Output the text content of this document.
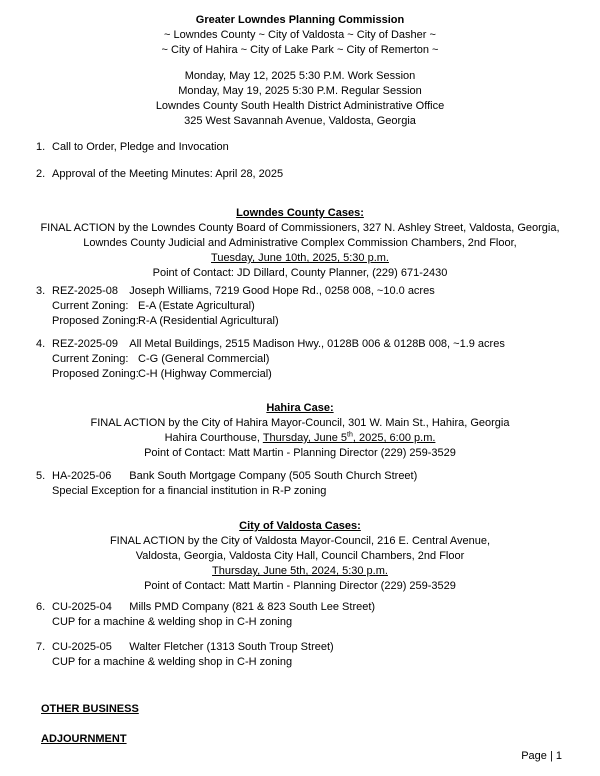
Greater Lowndes Planning Commission
~ Lowndes County ~ City of Valdosta ~ City of Dasher ~
~ City of Hahira ~ City of Lake Park ~ City of Remerton ~
Monday, May 12, 2025 5:30 P.M. Work Session
Monday, May 19, 2025 5:30 P.M. Regular Session
Lowndes County South Health District Administrative Office
325 West Savannah Avenue, Valdosta, Georgia
1. Call to Order, Pledge and Invocation
2. Approval of the Meeting Minutes: April 28, 2025
Lowndes County Cases:
FINAL ACTION by the Lowndes County Board of Commissioners, 327 N. Ashley Street, Valdosta, Georgia,
Lowndes County Judicial and Administrative Complex Commission Chambers, 2nd Floor,
Tuesday, June 10th, 2025, 5:30 p.m.
Point of Contact: JD Dillard, County Planner, (229) 671-2430
3. REZ-2025-08 Joseph Williams, 7219 Good Hope Rd., 0258 008, ~10.0 acres
Current Zoning: E-A (Estate Agricultural)
Proposed Zoning:R-A (Residential Agricultural)
4. REZ-2025-09 All Metal Buildings, 2515 Madison Hwy., 0128B 006 & 0128B 008, ~1.9 acres
Current Zoning: C-G (General Commercial)
Proposed Zoning:C-H (Highway Commercial)
Hahira Case:
FINAL ACTION by the City of Hahira Mayor-Council, 301 W. Main St., Hahira, Georgia
Hahira Courthouse, Thursday, June 5th, 2025, 6:00 p.m.
Point of Contact: Matt Martin - Planning Director (229) 259-3529
5. HA-2025-06 Bank South Mortgage Company (505 South Church Street)
Special Exception for a financial institution in R-P zoning
City of Valdosta Cases:
FINAL ACTION by the City of Valdosta Mayor-Council, 216 E. Central Avenue,
Valdosta, Georgia, Valdosta City Hall, Council Chambers, 2nd Floor
Thursday, June 5th, 2024, 5:30 p.m.
Point of Contact: Matt Martin - Planning Director (229) 259-3529
6. CU-2025-04 Mills PMD Company (821 & 823 South Lee Street)
CUP for a machine & welding shop in C-H zoning
7. CU-2025-05 Walter Fletcher (1313 South Troup Street)
CUP for a machine & welding shop in C-H zoning
OTHER BUSINESS
ADJOURNMENT
Page | 1
